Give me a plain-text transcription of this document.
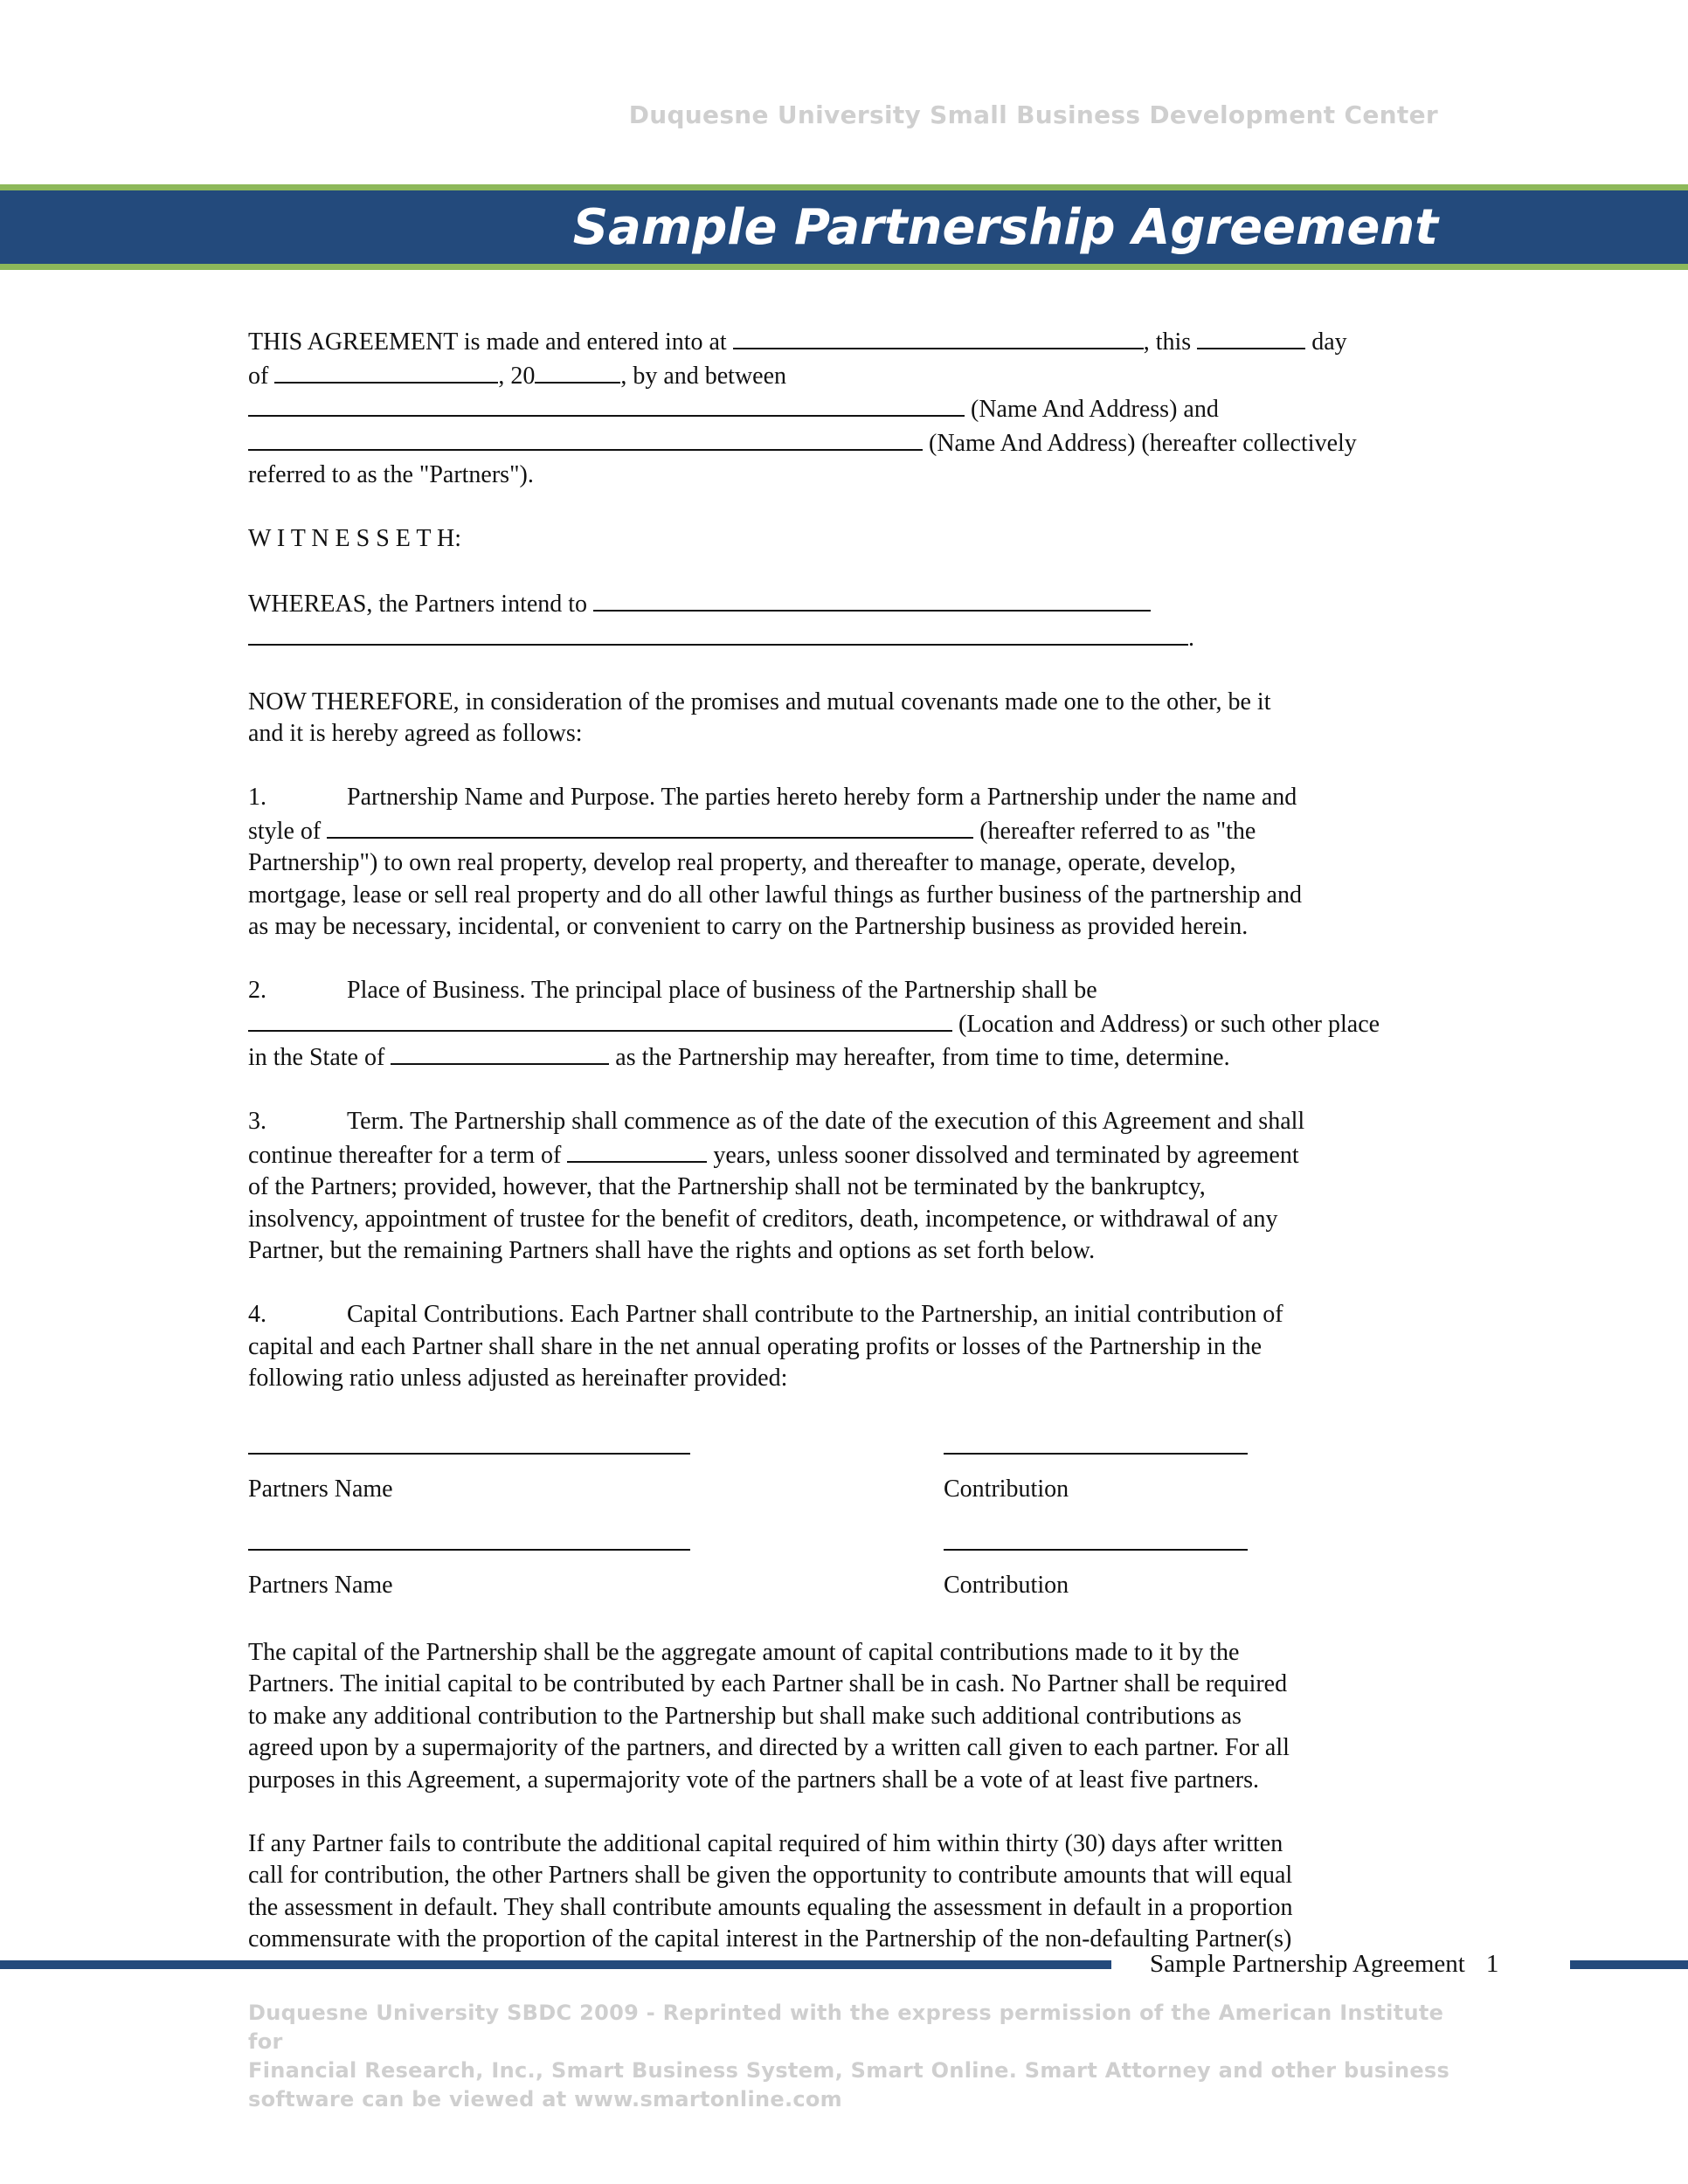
Duquesne University Small Business Development Center
Sample Partnership Agreement
THIS AGREEMENT is made and entered into at	, this	day
of	, 20	, by and between
(Name And Address) and
(Name And Address) (hereafter collectively
referred to as the "Partners").
W I T N E S S E T H:
WHEREAS, the Partners intend to
.
NOW THEREFORE, in consideration of the promises and mutual covenants made one to the other, be it
and it is hereby agreed as follows:
1.	Partnership Name and Purpose. The parties hereto hereby form a Partnership under the name and
style of	(hereafter referred to as "the
Partnership") to own real property, develop real property, and thereafter to manage, operate, develop,
mortgage, lease or sell real property and do all other lawful things as further business of the partnership and
as may be necessary, incidental, or convenient to carry on the Partnership business as provided herein.
2.	Place of Business. The principal place of business of the Partnership shall be
(Location and Address) or such other place
in the State of	as the Partnership may hereafter, from time to time, determine.
3.	Term. The Partnership shall commence as of the date of the execution of this Agreement and shall
continue thereafter for a term of	years, unless sooner dissolved and terminated by agreement
of the Partners; provided, however, that the Partnership shall not be terminated by the bankruptcy,
insolvency, appointment of trustee for the benefit of creditors, death, incompetence, or withdrawal of any
Partner, but the remaining Partners shall have the rights and options as set forth below.
4.	Capital Contributions. Each Partner shall contribute to the Partnership, an initial contribution of
capital and each Partner shall share in the net annual operating profits or losses of the Partnership in the
following ratio unless adjusted as hereinafter provided:
Partners Name	Contribution
Partners Name	Contribution
The capital of the Partnership shall be the aggregate amount of capital contributions made to it by the
Partners. The initial capital to be contributed by each Partner shall be in cash. No Partner shall be required
to make any additional contribution to the Partnership but shall make such additional contributions as
agreed upon by a supermajority of the partners, and directed by a written call given to each partner. For all
purposes in this Agreement, a supermajority vote of the partners shall be a vote of at least five partners.
If any Partner fails to contribute the additional capital required of him within thirty (30) days after written
call for contribution, the other Partners shall be given the opportunity to contribute amounts that will equal
the assessment in default. They shall contribute amounts equaling the assessment in default in a proportion
commensurate with the proportion of the capital interest in the Partnership of the non-defaulting Partner(s)
Sample Partnership Agreement 1
Duquesne University SBDC 2009 - Reprinted with the express permission of the American Institute for
Financial Research, Inc., Smart Business System, Smart Online. Smart Attorney and other business
software can be viewed at www.smartonline.com
